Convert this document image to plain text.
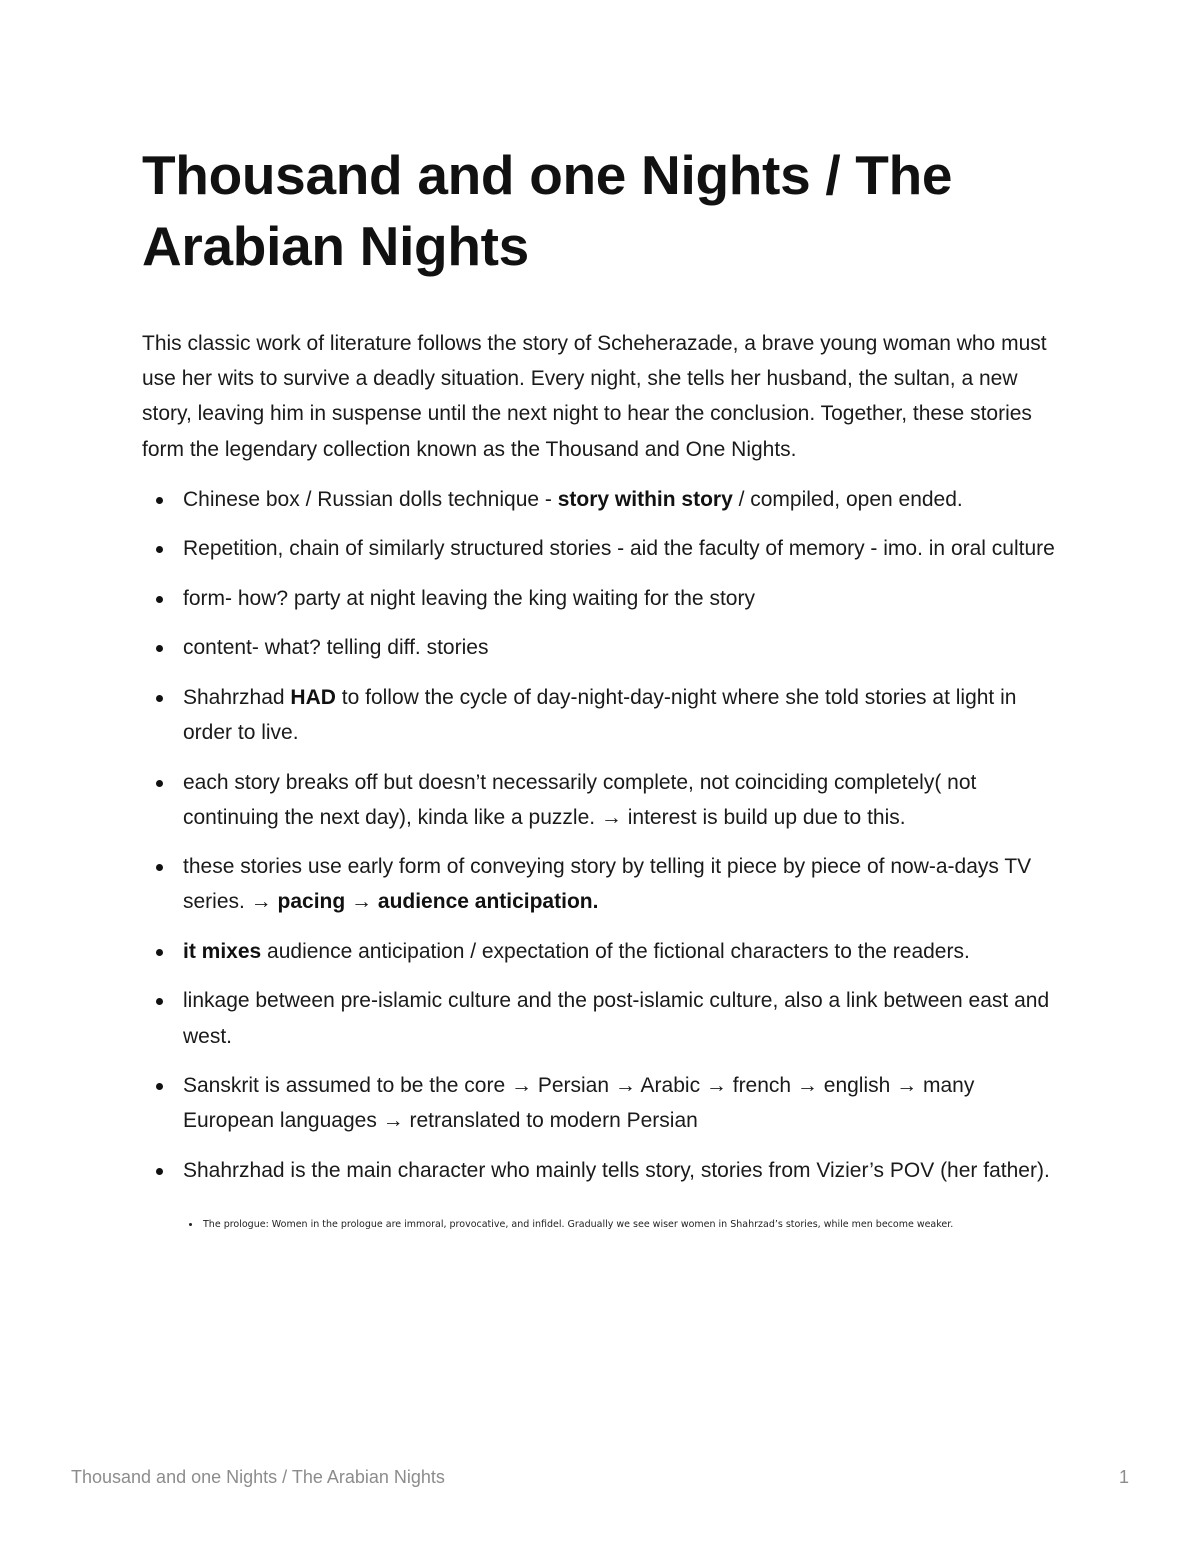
Thousand and one Nights / The Arabian Nights

This classic work of literature follows the story of Scheherazade, a brave young woman who must use her wits to survive a deadly situation. Every night, she tells her husband, the sultan, a new story, leaving him in suspense until the next night to hear the conclusion. Together, these stories form the legendary collection known as the Thousand and One Nights.

Chinese box / Russian dolls technique - story within story / compiled, open ended.
Repetition, chain of similarly structured stories - aid the faculty of memory - imo. in oral culture
form- how? party at night leaving the king waiting for the story
content- what? telling diff. stories
Shahrzhad HAD to follow the cycle of day-night-day-night where she told stories at light in order to live.
each story breaks off but doesn’t necessarily complete, not coinciding completely( not continuing the next day), kinda like a puzzle. → interest is build up due to this.
these stories use early form of conveying story by telling it piece by piece of now-a-days TV series. → pacing → audience anticipation.
it mixes audience anticipation / expectation of the fictional characters to the readers.
linkage between pre-islamic culture and the post-islamic culture, also a link between east and west.
Sanskrit is assumed to be the core → Persian → Arabic → french → english → many European languages → retranslated to modern Persian
Shahrzhad is the main character who mainly tells story, stories from Vizier’s POV (her father).
The prologue: Women in the prologue are immoral, provocative, and infidel. Gradually we see wiser women in Shahrzad’s stories, while men become weaker.
Thousand and one Nights / The Arabian Nights	1
